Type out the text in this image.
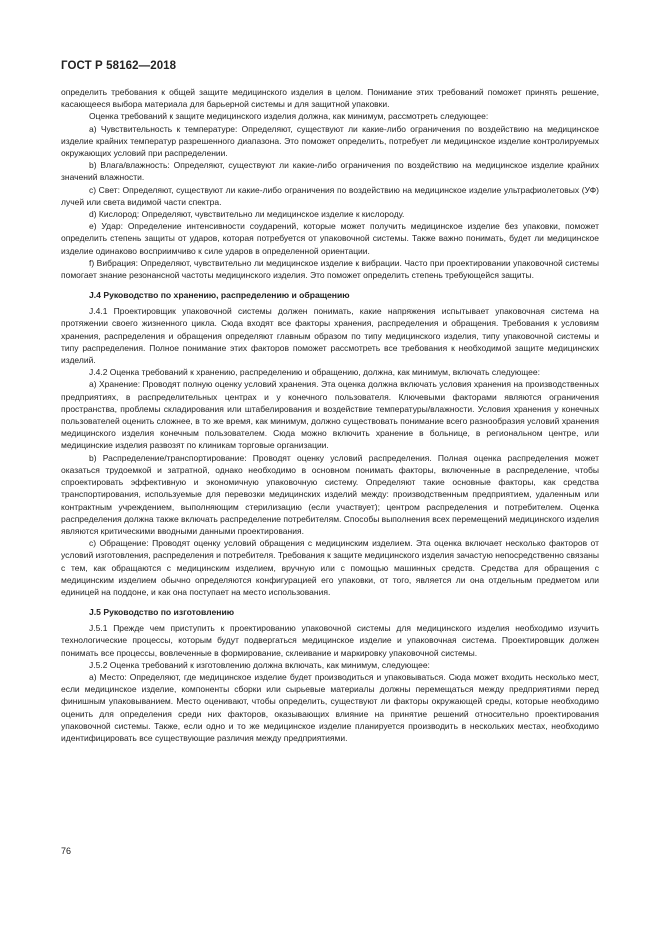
ГОСТ Р 58162—2018

определить требования к общей защите медицинского изделия в целом. Понимание этих требований поможет принять решение, касающееся выбора материала для барьерной системы и для защитной упаковки.

Оценка требований к защите медицинского изделия должна, как минимум, рассмотреть следующее:

а) Чувствительность к температуре: Определяют, существуют ли какие-либо ограничения по воздействию на медицинское изделие крайних температур разрешенного диапазона. Это поможет определить, потребует ли медицинское изделие контролируемых окружающих условий при распределении.

b) Влага/влажность: Определяют, существуют ли какие-либо ограничения по воздействию на медицинское изделие крайних значений влажности.

с) Свет: Определяют, существуют ли какие-либо ограничения по воздействию на медицинское изделие ультрафиолетовых (УФ) лучей или света видимой части спектра.

d) Кислород: Определяют, чувствительно ли медицинское изделие к кислороду.

е) Удар: Определение интенсивности соударений, которые может получить медицинское изделие без упаковки, поможет определить степень защиты от ударов, которая потребуется от упаковочной системы. Также важно понимать, будет ли медицинское изделие одинаково восприимчиво к силе ударов в определенной ориентации.

f) Вибрация: Определяют, чувствительно ли медицинское изделие к вибрации. Часто при проектировании упаковочной системы помогает знание резонансной частоты медицинского изделия. Это поможет определить степень требующейся защиты.

J.4 Руководство по хранению, распределению и обращению

J.4.1 Проектировщик упаковочной системы должен понимать, какие напряжения испытывает упаковочная система на протяжении своего жизненного цикла. Сюда входят все факторы хранения, распределения и обращения. Требования к условиям хранения, распределения и обращения определяют главным образом по типу медицинского изделия, типу упаковочной системы и типу распределения. Полное понимание этих факторов поможет рассмотреть все требования к необходимой защите медицинских изделий.

J.4.2 Оценка требований к хранению, распределению и обращению, должна, как минимум, включать следующее:

а) Хранение: Проводят полную оценку условий хранения. Эта оценка должна включать условия хранения на производственных предприятиях, в распределительных центрах и у конечного пользователя. Ключевыми факторами являются ограничения пространства, проблемы складирования или штабелирования и воздействие температуры/влажности. Условия хранения у конечных пользователей оценить сложнее, в то же время, как минимум, должно существовать понимание всего разнообразия условий хранения медицинского изделия конечным пользователем. Сюда можно включить хранение в больнице, в региональном центре, или медицинские изделия развозят по клиникам торговые организации.

b) Распределение/транспортирование: Проводят оценку условий распределения. Полная оценка распределения может оказаться трудоемкой и затратной, однако необходимо в основном понимать факторы, включенные в распределение, чтобы спроектировать эффективную и экономичную упаковочную систему. Определяют такие основные факторы, как средства транспортирования, используемые для перевозки медицинских изделий между: производственным предприятием, удаленным или контрактным учреждением, выполняющим стерилизацию (если участвует); центром распределения и потребителем. Оценка распределения должна также включать распределение потребителям. Способы выполнения всех перемещений медицинского изделия являются критическими вводными данными проектирования.

с) Обращение: Проводят оценку условий обращения с медицинским изделием. Эта оценка включает несколько факторов от условий изготовления, распределения и потребителя. Требования к защите медицинского изделия зачастую непосредственно связаны с тем, как обращаются с медицинским изделием, вручную или с помощью машинных средств. Средства для обращения с медицинским изделием обычно определяются конфигурацией его упаковки, от того, является ли она отдельным предметом или единицей на поддоне, и как она поступает на место использования.

J.5 Руководство по изготовлению

J.5.1 Прежде чем приступить к проектированию упаковочной системы для медицинского изделия необходимо изучить технологические процессы, которым будут подвергаться медицинское изделие и упаковочная система. Проектировщик должен понимать все процессы, вовлеченные в формирование, склеивание и маркировку упаковочной системы.

J.5.2 Оценка требований к изготовлению должна включать, как минимум, следующее:

а) Место: Определяют, где медицинское изделие будет производиться и упаковываться. Сюда может входить несколько мест, если медицинское изделие, компоненты сборки или сырьевые материалы должны перемещаться между предприятиями перед финишным упаковыванием. Место оценивают, чтобы определить, существуют ли факторы окружающей среды, которые необходимо оценить для определения среди них факторов, оказывающих влияние на принятие решений относительно проектирования упаковочной системы. Также, если одно и то же медицинское изделие планируется производить в нескольких местах, необходимо идентифицировать все существующие различия между предприятиями.

76
